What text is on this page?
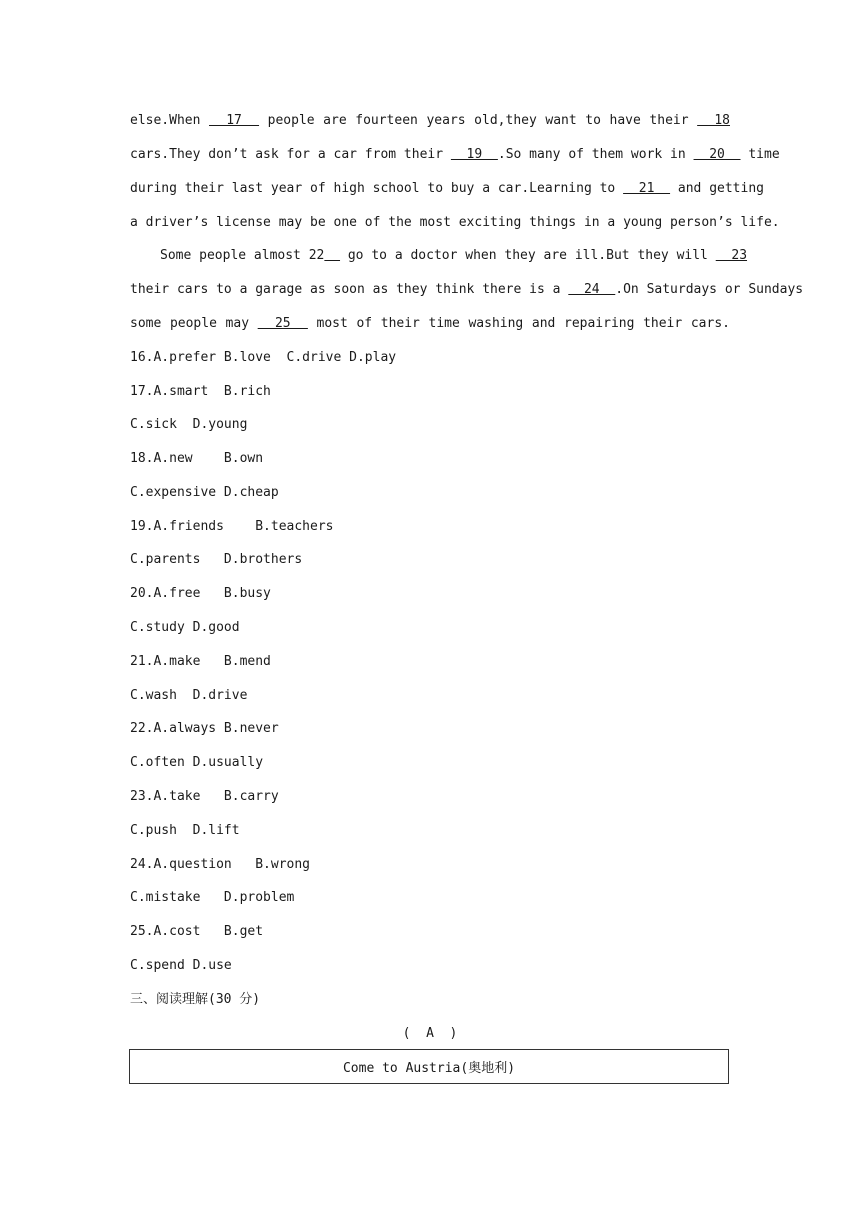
else.When   17   people are fourteen years old,they want to have their   18
cars.They don’t ask for a car from their   19  .So many of them work in   20   time
during their last year of high school to buy a car.Learning to   21   and getting
a driver’s license may be one of the most exciting things in a young person’s life.
Some people almost 22   go to a doctor when they are ill.But they will   23
their cars to a garage as soon as they think there is a   24  .On Saturdays or Sundays
some people may   25   most of their time washing and repairing their cars.
16.A.prefer B.love  C.drive D.play
17.A.smart  B.rich
C.sick  D.young
18.A.new    B.own
C.expensive D.cheap
19.A.friends    B.teachers
C.parents   D.brothers
20.A.free   B.busy
C.study D.good
21.A.make   B.mend
C.wash  D.drive
22.A.always B.never
C.often D.usually
23.A.take   B.carry
C.push  D.lift
24.A.question   B.wrong
C.mistake   D.problem
25.A.cost   B.get
C.spend D.use
三、阅读理解(30 分)
(  A  )
Come to Austria(奥地利)
